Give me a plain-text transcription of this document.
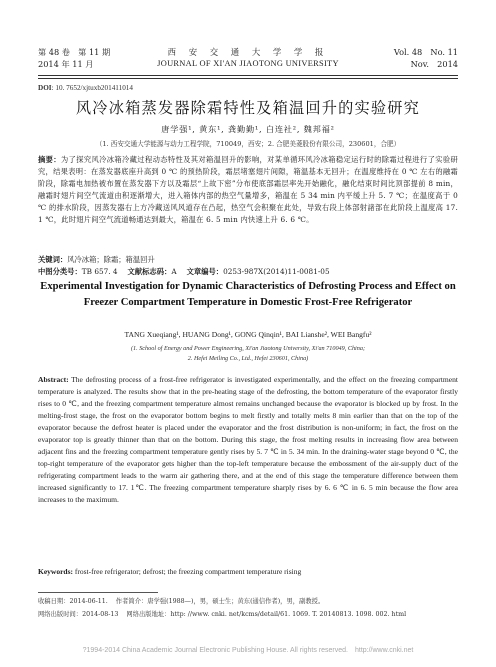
第 48 卷　第 11 期
2014 年 11 月
西 安 交 通 大 学 学 报
JOURNAL OF XI'AN JIAOTONG UNIVERSITY
Vol. 48　No. 11
Nov.　2014
DOI: 10. 7652/xjtuxb201411014
风冷冰箱蒸发器除霜特性及箱温回升的实验研究
唐学强¹, 黄东¹, 龚勤勤¹, 白连社², 魏邦福²
（1. 西安交通大学能源与动力工程学院，710049，西安；2. 合肥美菱股份有限公司，230601，合肥）
摘要：为了探究风冷冰箱冷藏过程动态特性及其对箱温回升的影响，对某单循环风冷冰箱稳定运行时的除霜过程进行了实验研究，结果表明：在蒸发器底座升高到 0 ℃ 的预热阶段，霜层堵塞翅片间隙，箱温基本无回升；在温度维持在 0 ℃ 左右的融霜阶段，除霜电加热被布置在蒸发器下方以及霜层“上故下密”分布使底部霜层率先开始融化，融化结束时间比顶部提前 8 min，融霜时翅片间空气流道由积逐渐增大，进入箱体内部的热空气量增多，箱温在 5 34 min 内平缓上升 5. 7 ℃；在温度高于 0 ℃ 的排水阶段，因蒸发器右上方冷藏送风风道存在凸起，热空气会积聚在此处，导致右段上体部射諸部在此阶段上温度高 17. 1 ℃，此时翅片间空气流道畅通达到最大，箱温在 6. 5 min 内快速上升 6. 6 ℃。
关键词：风冷冰箱；除霜；箱温回升
中图分类号：TB 657. 4 文献标志码：A 文章编号：0253-987X(2014)11-0081-05
Experimental Investigation for Dynamic Characteristics of Defrosting Process and Effect on Freezer Compartment Temperature in Domestic Frost-Free Refrigerator
TANG Xueqiang¹, HUANG Dong¹, GONG Qinqin¹, BAI Lianshe², WEI Bangfu²
(1. School of Energy and Power Engineering, Xi'an Jiaotong University, Xi'an 710049, China;
2. Hefei Meiling Co., Ltd., Hefei 230601, China)
Abstract: The defrosting process of a frost-free refrigerator is investigated experimentally, and the effect on the freezing compartment temperature is analyzed. The results show that in the pre-heating stage of the defrosting, the bottom temperature of the evaporator firstly rises to 0 ℃, and the freezing compartment temperature almost remains unchanged because the evaporator is blocked up by frost. In the melting-frost stage, the frost on the evaporator bottom begins to melt firstly and totally melts 8 min earlier than that on the top of the evaporator because the defrost heater is placed under the evaporator and the frost distribution is non-uniform; in fact, the frost on the evaporator top is greatly thinner than that on the bottom. During this stage, the frost melting results in increasing flow area between adjacent fins and the freezing compartment temperature gently rises by 5. 7 ℃ in 5. 34 min. In the draining-water stage beyond 0 ℃, the top-right temperature of the evaporator gets higher than the top-left temperature because the embossment of the air-supply duct of the refrigerating compartment leads to the warm air gathering there, and at the end of this stage the temperature difference between them increased significantly to 17. 1℃. The freezing compartment temperature sharply rises by 6. 6 ℃ in 6. 5 min because the flow area increases to the maximum.
Keywords: frost-free refrigerator; defrost; the freezing compartment temperature rising
收稿日期：2014-06-11. 作者简介：唐学强(1988—)，男，硕士生；黄东(通信作者)，男，副教授。
网络出版时间：2014-08-13 网络出版地址：http: //www. cnki. net/kcms/detail/61. 1069. T. 20140813. 1098. 002. html
?1994-2014 China Academic Journal Electronic Publishing House. All rights reserved.　http://www.cnki.net
